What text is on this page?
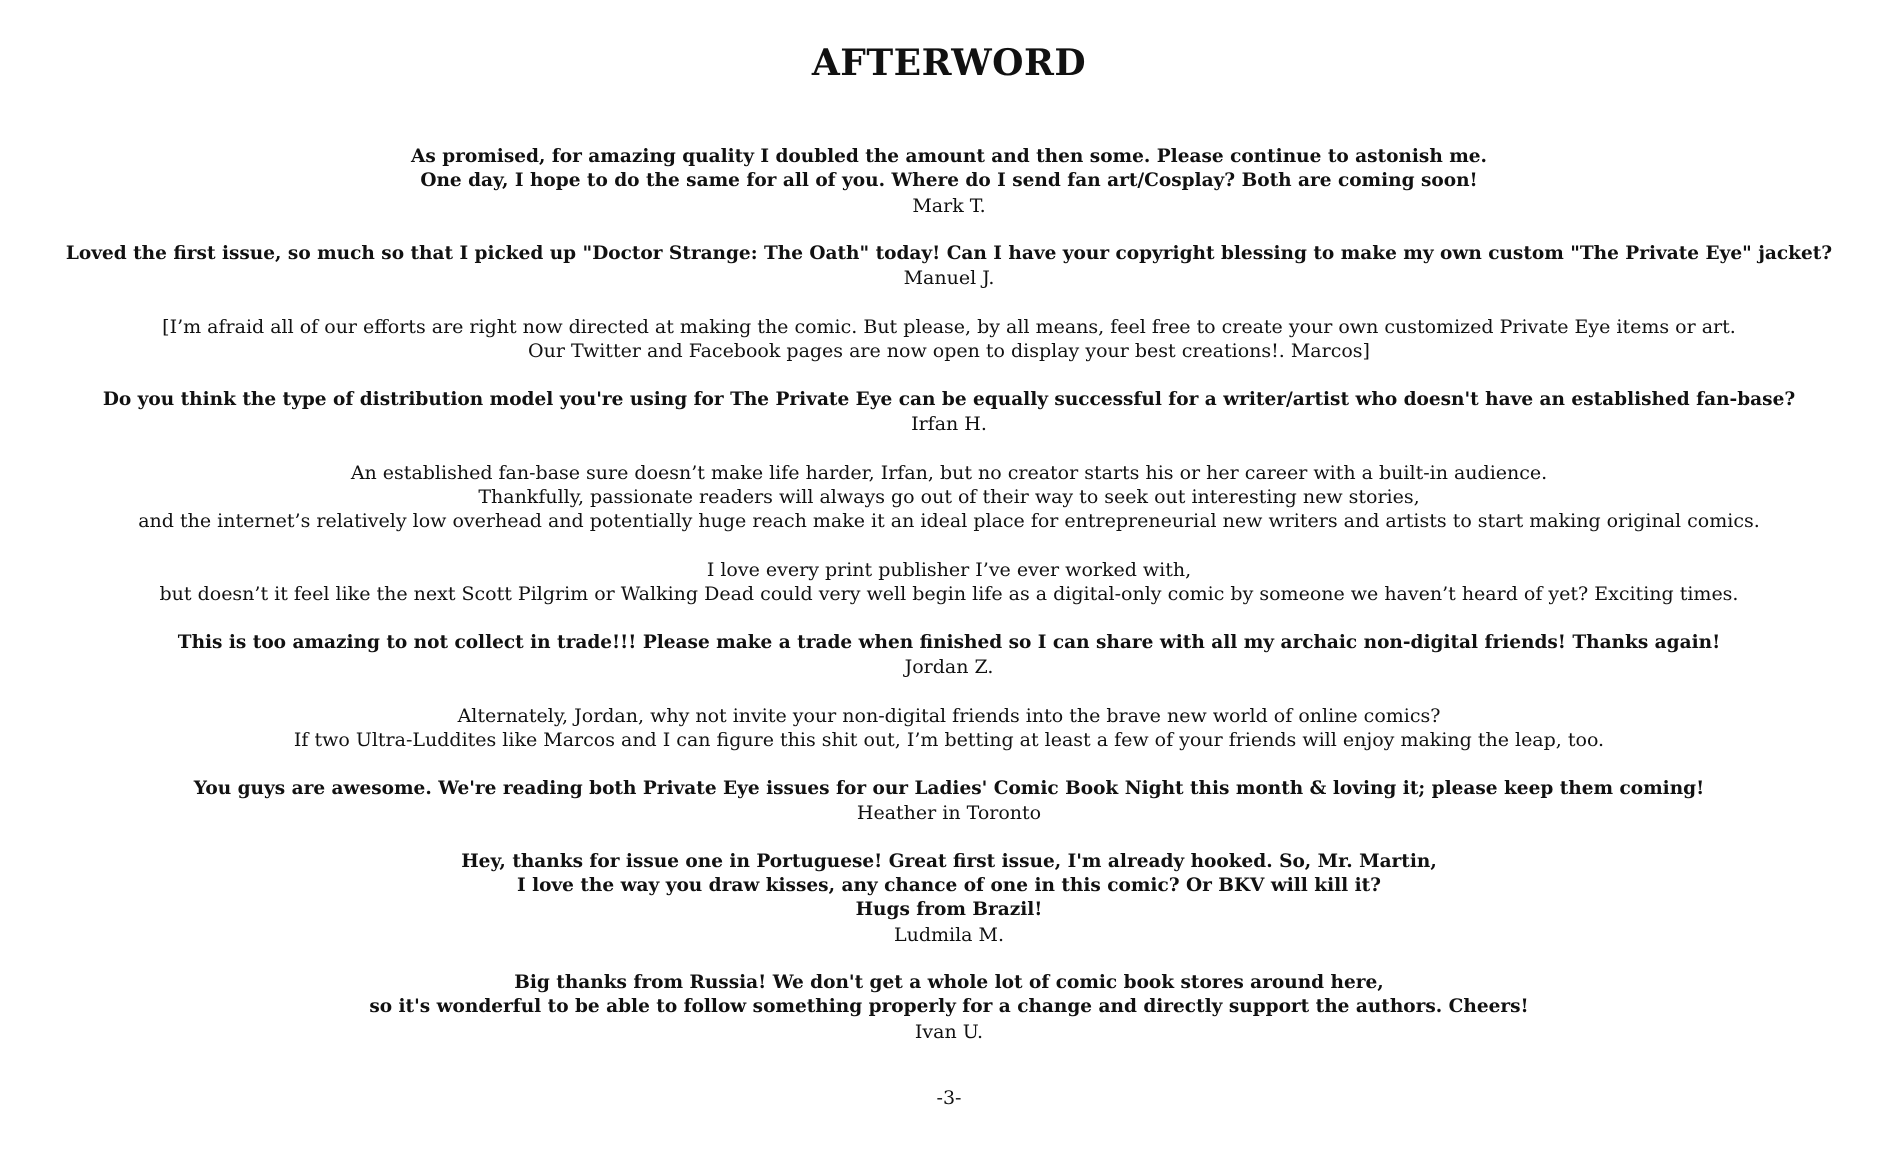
AFTERWORD
As promised, for amazing quality I doubled the amount and then some. Please continue to astonish me.
One day, I hope to do the same for all of you. Where do I send fan art/Cosplay? Both are coming soon!
Mark T.
Loved the first issue, so much so that I picked up "Doctor Strange: The Oath" today! Can I have your copyright blessing to make my own custom "The Private Eye" jacket?
Manuel J.
[I’m afraid all of our efforts are right now directed at making the comic. But please, by all means, feel free to create your own customized Private Eye items or art.
Our Twitter and Facebook pages are now open to display your best creations!. Marcos]
Do you think the type of distribution model you're using for The Private Eye can be equally successful for a writer/artist who doesn't have an established fan-base?
Irfan H.
An established fan-base sure doesn’t make life harder, Irfan, but no creator starts his or her career with a built-in audience.
Thankfully, passionate readers will always go out of their way to seek out interesting new stories,
and the internet’s relatively low overhead and potentially huge reach make it an ideal place for entrepreneurial new writers and artists to start making original comics.
I love every print publisher I’ve ever worked with,
but doesn’t it feel like the next Scott Pilgrim or Walking Dead could very well begin life as a digital-only comic by someone we haven’t heard of yet? Exciting times.
This is too amazing to not collect in trade!!! Please make a trade when finished so I can share with all my archaic non-digital friends! Thanks again!
Jordan Z.
Alternately, Jordan, why not invite your non-digital friends into the brave new world of online comics?
If two Ultra-Luddites like Marcos and I can figure this shit out, I’m betting at least a few of your friends will enjoy making the leap, too.
You guys are awesome. We're reading both Private Eye issues for our Ladies' Comic Book Night this month & loving it; please keep them coming!
Heather in Toronto
Hey, thanks for issue one in Portuguese! Great first issue, I'm already hooked. So, Mr. Martin,
I love the way you draw kisses, any chance of one in this comic? Or BKV will kill it?
Hugs from Brazil!
Ludmila M.
Big thanks from Russia! We don't get a whole lot of comic book stores around here,
so it's wonderful to be able to follow something properly for a change and directly support the authors. Cheers!
Ivan U.
-3-
